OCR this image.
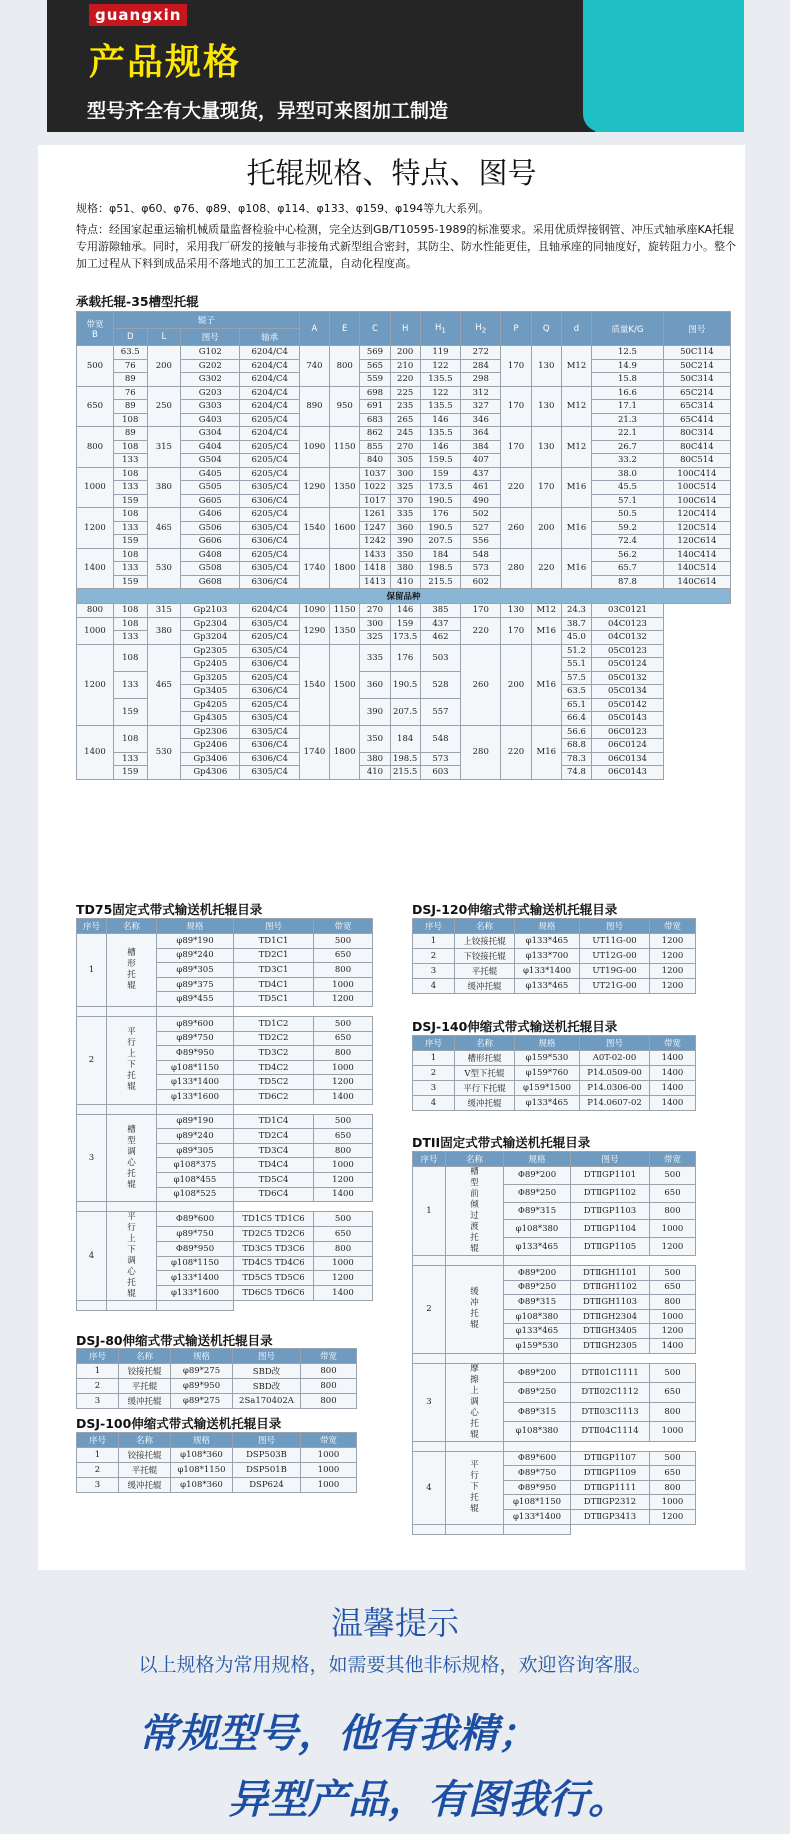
guangxin
产品规格
型号齐全有大量现货，异型可来图加工制造
托辊规格、特点、图号
规格：φ51、φ60、φ76、φ89、φ108、φ114、φ133、φ159、φ194等九大系列。
特点：经国家起重运输机械质量监督检验中心检测，完全达到GB/T10595-1989的标准要求。采用优质焊接钢管、冲压式轴承座KA托辊专用游隙轴承。同时，采用我厂研发的接触与非接角式新型组合密封，其防尘、防水性能更佳，且轴承座的同轴度好，旋转阻力小。整个加工过程从下料到成品采用不落地式的加工工艺流量，自动化程度高。
承载托辊-35槽型托辊
带宽
B	辊子				A	E	C	H	$H_1$	$H_2$	P	Q	d	质量K/G	图号
	D	L	图号	轴承											
500	63.5	200	G102	6204/C4	740	800	569	200	119	272	170	130	M12	12.5	50C114
	76		G202	6204/C4			565	210	122	284				14.9	50C214
	89		G302	6204/C4			559	220	135.5	298				15.8	50C314
650	76	250	G203	6204/C4	890	950	698	225	122	312	170	130	M12	16.6	65C214
	89		G303	6204/C4			691	235	135.5	327				17.1	65C314
	108		G403	6205/C4			683	265	146	346				21.3	65C414
800	89	315	G304	6204/C4	1090	1150	862	245	135.5	364	170	130	M12	22.1	80C314
	108		G404	6205/C4			855	270	146	384				26.7	80C414
	133		G504	6205/C4			840	305	159.5	407				33.2	80C514
1000	108	380	G405	6205/C4	1290	1350	1037	300	159	437	220	170	M16	38.0	100C414
	133		G505	6305/C4			1022	325	173.5	461				45.5	100C514
	159		G605	6306/C4			1017	370	190.5	490				57.1	100C614
1200	108	465	G406	6205/C4	1540	1600	1261	335	176	502	260	200	M16	50.5	120C414
	133		G506	6305/C4			1247	360	190.5	527				59.2	120C514
	159		G606	6306/C4			1242	390	207.5	556				72.4	120C614
1400	108	530	G408	6205/C4	1740	1800	1433	350	184	548	280	220	M16	56.2	140C414
	133		G508	6305/C4			1418	380	198.5	573				65.7	140C514
	159		G608	6306/C4			1413	410	215.5	602				87.8	140C614
保留品种															
800	108	315	Gp2103	6204/C4	1090	1150	270	146	385	170	130	M12	24.3	03C0121	
1000	108	380	Gp2304	6305/C4	1290	1350	300	159	437	220	170	M16	38.7	04C0123	
	133		Gp3204	6205/C4			325	173.5	462				45.0	04C0132	
1200	108	465	Gp2305	6305/C4	1540	1500	335	176	503	260	200	M16	51.2	05C0123	
			Gp2405	6306/C4									55.1	05C0124	
	133		Gp3205	6205/C4			360	190.5	528				57.5	05C0132	
			Gp3405	6306/C4									63.5	05C0134	
	159		Gp4205	6205/C4			390	207.5	557				65.1	05C0142	
			Gp4305	6305/C4									66.4	05C0143	
1400	108	530	Gp2306	6305/C4	1740	1800	350	184	548	280	220	M16	56.6	06C0123	
			Gp2406	6306/C4									68.8	06C0124	
	133		Gp3406	6306/C4			380	198.5	573				78.3	06C0134	
	159		Gp4306	6305/C4			410	215.5	603				74.8	06C0143	
TD75固定式带式输送机托辊目录
序号	名称	规格	图号	带宽
1	槽形托辊	φ89*190	TD1C1	500
		φ89*240	TD2C1	650
		φ89*305	TD3C1	800
		φ89*375	TD4C1	1000
		φ89*455	TD5C1	1200

2	平行上下托辊	φ89*600	TD1C2	500
		φ89*750	TD2C2	650
		Φ89*950	TD3C2	800
		φ108*1150	TD4C2	1000
		φ133*1400	TD5C2	1200
		φ133*1600	TD6C2	1400

3	槽型调心托辊	φ89*190	TD1C4	500
		φ89*240	TD2C4	650
		φ89*305	TD3C4	800
		φ108*375	TD4C4	1000
		φ108*455	TD5C4	1200
		φ108*525	TD6C4	1400

4	平行上下调心托辊	Φ89*600	TD1C5 TD1C6	500
		φ89*750	TD2C5 TD2C6	650
		Φ89*950	TD3C5 TD3C6	800
		φ108*1150	TD4C5 TD4C6	1000
		φ133*1400	TD5C5 TD5C6	1200
		φ133*1600	TD6C5 TD6C6	1400

DSJ-80伸缩式带式输送机托辊目录
序号	名称	规格	图号	带宽
1	铰接托辊	φ89*275	SBD改	800
2	平托辊	φ89*950	SBD改	800
3	缓冲托辊	φ89*275	2Sa170402A	800
DSJ-100伸缩式带式输送机托辊目录
序号	名称	规格	图号	带宽
1	铰接托辊	φ108*360	DSP503B	1000
2	平托辊	φ108*1150	DSP501B	1000
3	缓冲托辊	φ108*360	DSP624	1000
DSJ-120伸缩式带式输送机托辊目录
序号	名称	规格	图号	带宽
1	上铰接托辊	φ133*465	UT11G-00	1200
2	下铰接托辊	φ133*700	UT12G-00	1200
3	平托辊	φ133*1400	UT19G-00	1200
4	缓冲托辊	φ133*465	UT21G-00	1200
DSJ-140伸缩式带式输送机托辊目录
序号	名称	规格	图号	带宽
1	槽形托辊	φ159*530	A0T-02-00	1400
2	V型下托辊	φ159*760	P14.0509-00	1400
3	平行下托辊	φ159*1500	P14.0306-00	1400
4	缓冲托辊	φ133*465	P14.0607-02	1400
DTII固定式带式输送机托辊目录
序号	名称	规格	图号	带宽
1	槽型前倾过渡托辊	Φ89*200	DTⅡGP1101	500
		Φ89*250	DTⅡGP1102	650
		Φ89*315	DTⅡGP1103	800
		φ108*380	DTⅡGP1104	1000
		φ133*465	DTⅡGP1105	1200

2	缓冲托辊	Φ89*200	DTⅡGH1101	500
		Φ89*250	DTⅡGH1102	650
		Φ89*315	DTⅡGH1103	800
		φ108*380	DTⅡGH2304	1000
		φ133*465	DTⅡGH3405	1200
		φ159*530	DTⅡGH2305	1400

3	摩擦上调心托辊	Φ89*200	DTⅡ01C1111	500
		Φ89*250	DTⅡ02C1112	650
		Φ89*315	DTⅡ03C1113	800
		φ108*380	DTⅡ04C1114	1000

4	平行下托辊	Φ89*600	DTⅡGP1107	500
		Φ89*750	DTⅡGP1109	650
		Φ89*950	DTⅡGP1111	800
		φ108*1150	DTⅡGP2312	1000
		φ133*1400	DTⅡGP3413	1200

温馨提示
以上规格为常用规格，如需要其他非标规格，欢迎咨询客服。
常规型号，他有我精；
异型产品，有图我行。
